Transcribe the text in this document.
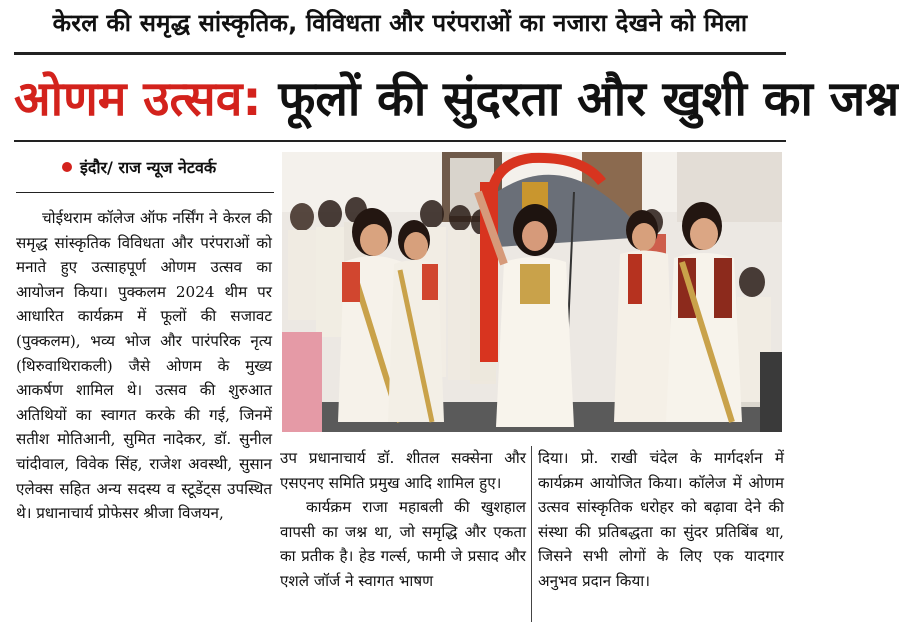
केरल की समृद्ध सांस्कृतिक, विविधता और परंपराओं का नजारा देखने को मिला
ओणम उत्सव: फूलों की सुंदरता और खुशी का जश्न
इंदौर/ राज न्यूज नेटवर्क

चोईथराम कॉलेज ऑफ नर्सिंग ने केरल की समृद्ध सांस्कृतिक विविधता और परंपराओं को मनाते हुए उत्साहपूर्ण ओणम उत्सव का आयोजन किया। पुक्कलम 2024 थीम पर आधारित कार्यक्रम में फूलों की सजावट (पुक्कलम), भव्य भोज और पारंपरिक नृत्य (थिरुवाथिराकली) जैसे ओणम के मुख्य आकर्षण शामिल थे। उत्सव की शुरुआत अतिथियों का स्वागत करके की गई, जिनमें सतीश मोतिआनी, सुमित नादेकर, डॉ. सुनील चांदीवाल, विवेक सिंह, राजेश अवस्थी, सुसान एलेक्स सहित अन्य सदस्य व स्टूडेंट्स उपस्थित थे। प्रधानाचार्य प्रोफेसर श्रीजा विजयन,

उप प्रधानाचार्य डॉ. शीतल सक्सेना और एसएनए समिति प्रमुख आदि शामिल हुए।

कार्यक्रम राजा महाबली की खुशहाल वापसी का जश्न था, जो समृद्धि और एकता का प्रतीक है। हेड गर्ल्स, फामी जे प्रसाद और एशले जॉर्ज ने स्वागत भाषण

दिया। प्रो. राखी चंदेल के मार्गदर्शन में कार्यक्रम आयोजित किया। कॉलेज में ओणम उत्सव सांस्कृतिक धरोहर को बढ़ावा देने की संस्था की प्रतिबद्धता का सुंदर प्रतिबिंब था, जिसने सभी लोगों के लिए एक यादगार अनुभव प्रदान किया।
